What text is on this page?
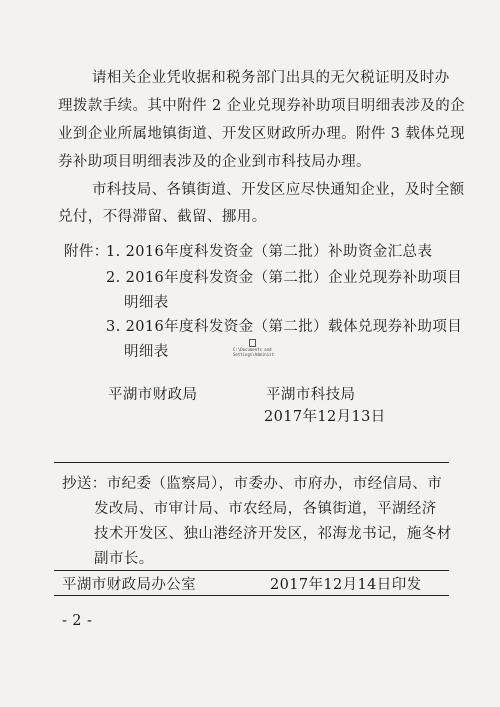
请相关企业凭收据和税务部门出具的无欠税证明及时办
理拨款手续。其中附件 2 企业兑现券补助项目明细表涉及的企
业到企业所属地镇街道、开发区财政所办理。附件 3 载体兑现
券补助项目明细表涉及的企业到市科技局办理。
市科技局、各镇街道、开发区应尽快通知企业，及时全额
兑付，不得滞留、截留、挪用。
附件：
1. 2016年度科发资金（第二批）补助资金汇总表
2. 2016年度科发资金（第二批）企业兑现券补助项目
明细表
3. 2016年度科发资金（第二批）载体兑现券补助项目
明细表	C:\Documents and
Settings\Administ
平湖市财政局	平湖市科技局
2017年12月13日
抄送：市纪委（监察局），市委办、市府办，市经信局、市
发改局、市审计局、市农经局，各镇街道，平湖经济
技术开发区、独山港经济开发区，祁海龙书记，施冬材
副市长。
平湖市财政局办公室	2017年12月14日印发
- 2 -
